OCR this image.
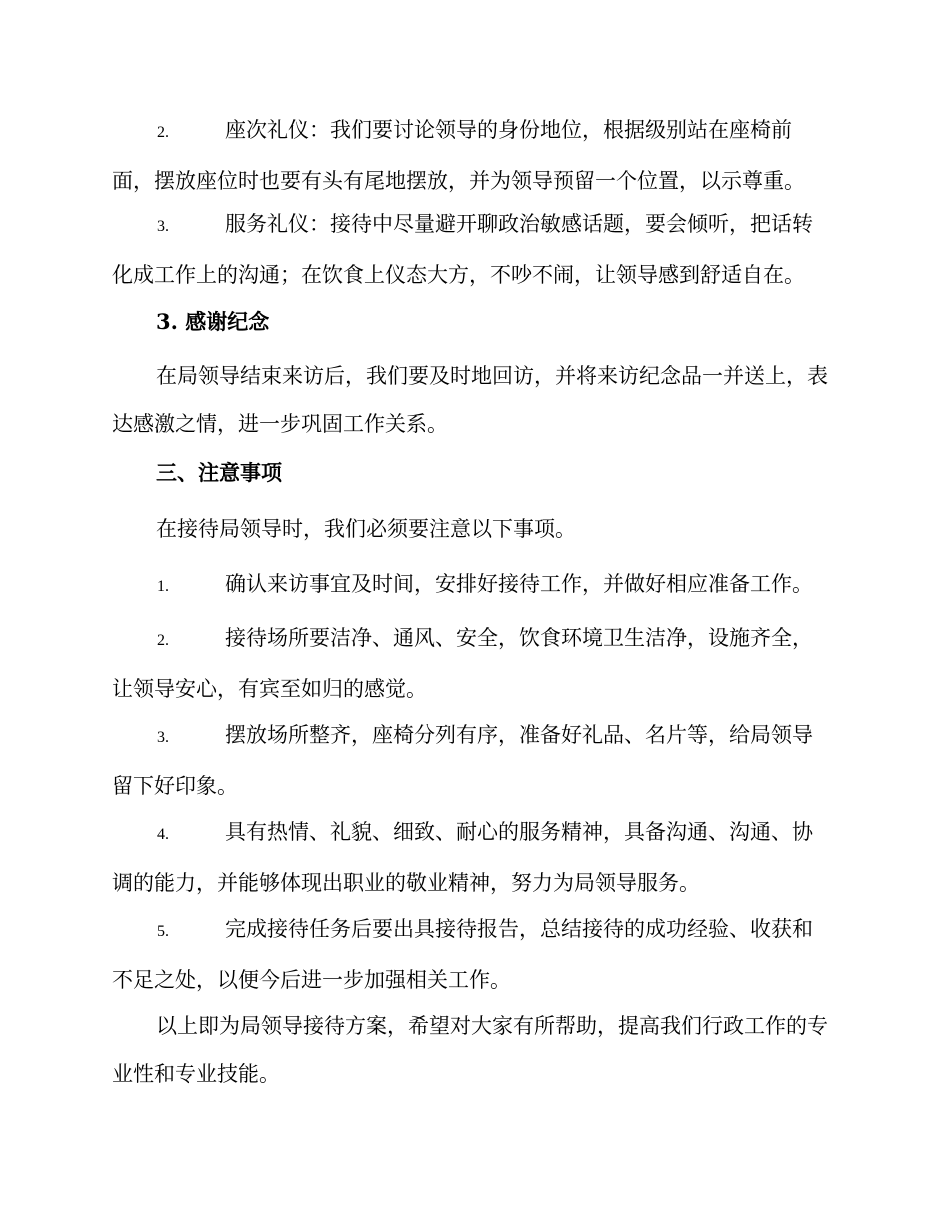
2.	座次礼仪：我们要讨论领导的身份地位，根据级别站在座椅前面，摆放座位时也要有头有尾地摆放，并为领导预留一个位置，以示尊重。

3.	服务礼仪：接待中尽量避开聊政治敏感话题，要会倾听，把话转化成工作上的沟通；在饮食上仪态大方，不吵不闹，让领导感到舒适自在。

3. 感谢纪念

在局领导结束来访后，我们要及时地回访，并将来访纪念品一并送上，表达感激之情，进一步巩固工作关系。

三、注意事项

在接待局领导时，我们必须要注意以下事项。

1.	确认来访事宜及时间，安排好接待工作，并做好相应准备工作。

2.	接待场所要洁净、通风、安全，饮食环境卫生洁净，设施齐全，让领导安心，有宾至如归的感觉。

3.	摆放场所整齐，座椅分列有序，准备好礼品、名片等，给局领导留下好印象。

4.	具有热情、礼貌、细致、耐心的服务精神，具备沟通、沟通、协调的能力，并能够体现出职业的敬业精神，努力为局领导服务。

5.	完成接待任务后要出具接待报告，总结接待的成功经验、收获和不足之处，以便今后进一步加强相关工作。

以上即为局领导接待方案，希望对大家有所帮助，提高我们行政工作的专业性和专业技能。
